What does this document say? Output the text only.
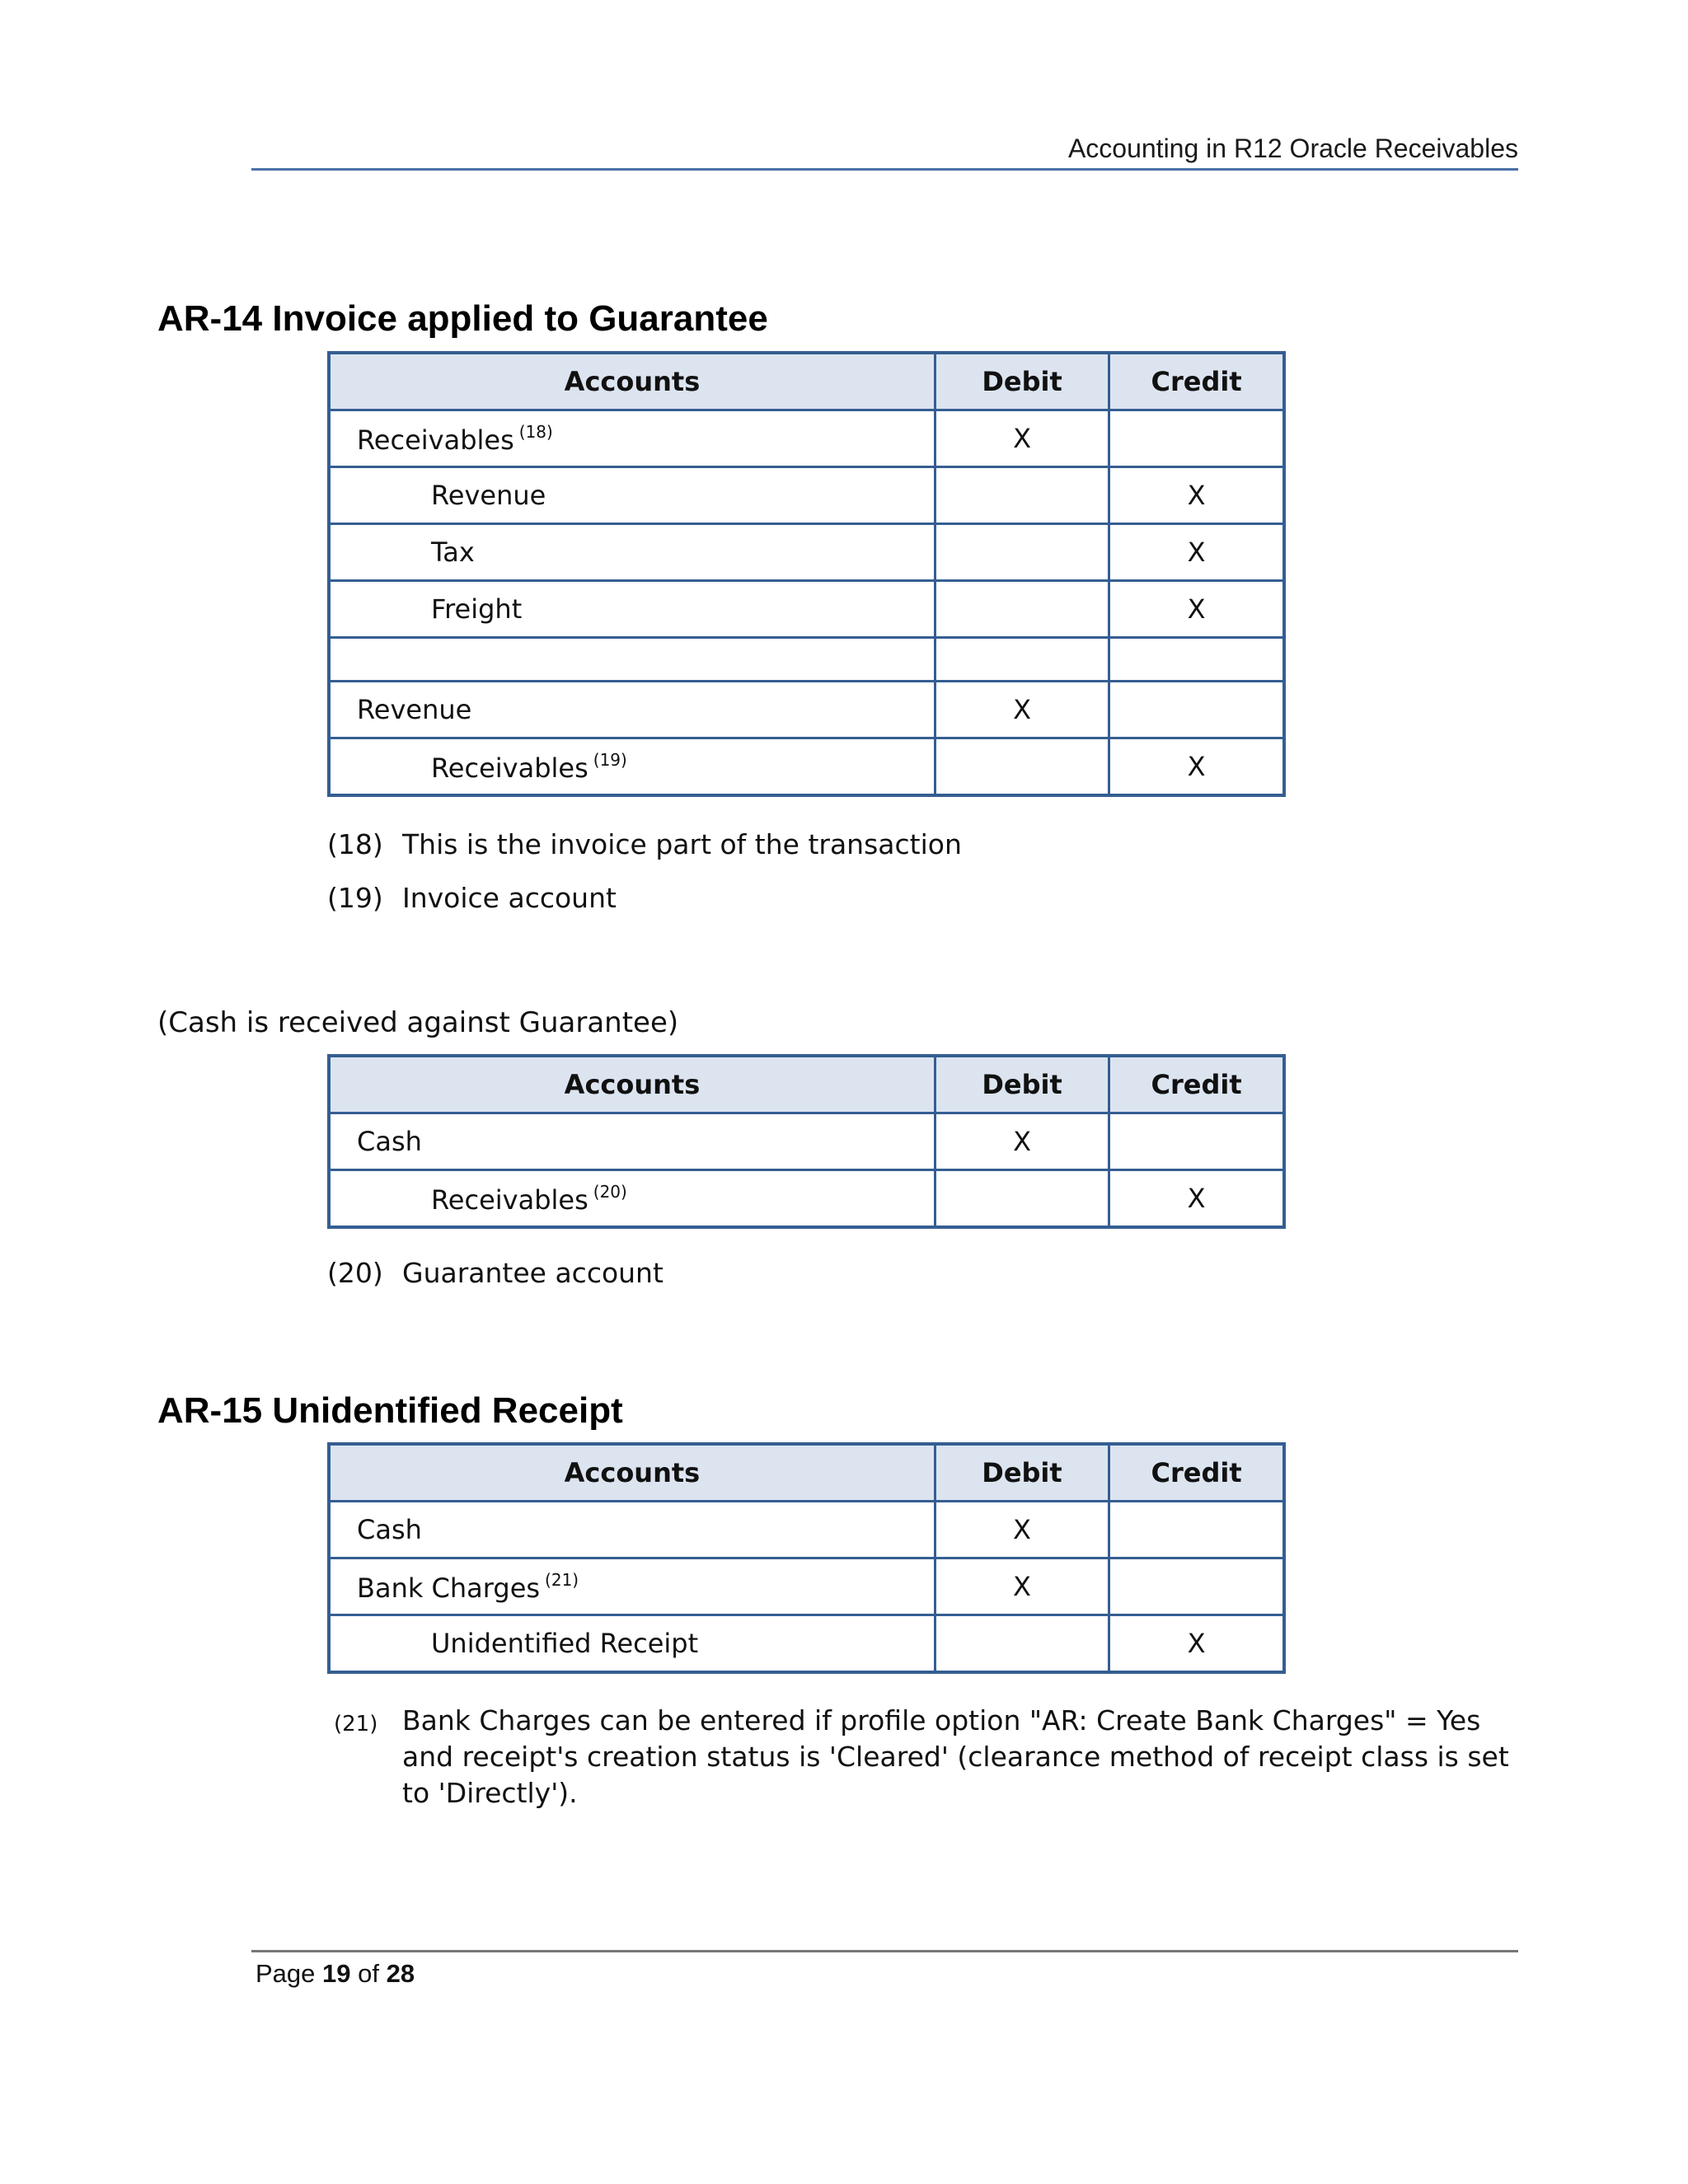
Accounting in R12 Oracle Receivables
AR-14 Invoice applied to Guarantee
Accounts	Debit	Credit
Receivables $^{(18)}$	X	
Revenue		X
Tax		X
Freight		X

Revenue	X	
Receivables $^{(19)}$		X
(18) This is the invoice part of the transaction
(19) Invoice account

(Cash is received against Guarantee)

Accounts	Debit	Credit
Cash	X	
Receivables $^{(20)}$		X
(20) Guarantee account
AR-15 Unidentified Receipt
Accounts	Debit	Credit
Cash	X	
Bank Charges $^{(21)}$	X	
Unidentified Receipt		X
(21) Bank Charges can be entered if profile option "AR: Create Bank Charges" = Yes and receipt's creation status is 'Cleared' (clearance method of receipt class is set to 'Directly').
Page 19 of 28
